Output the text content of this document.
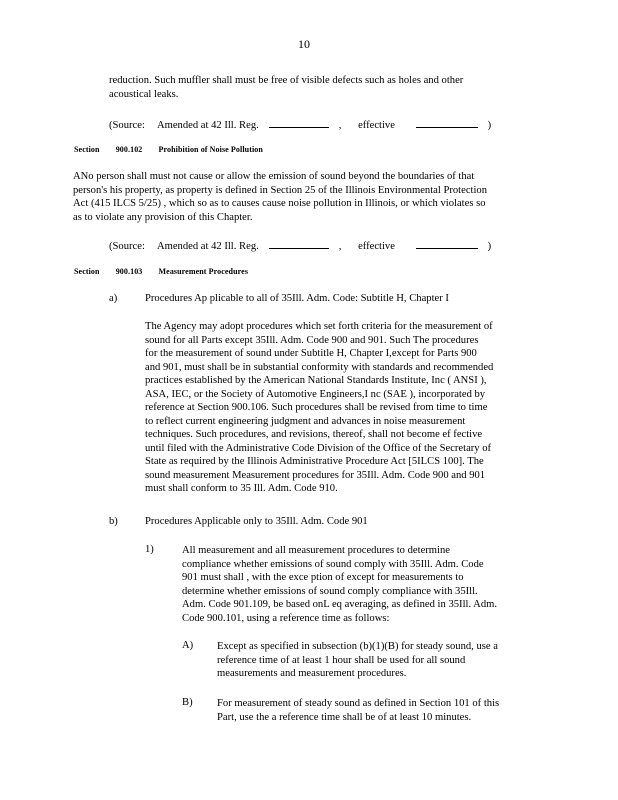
10
reduction. Such muffler shall must be free of visible defects such as holes and other
acoustical leaks.
(Source: Amended at 42 Ill. Reg.	, effective	)
Section 900.102 Prohibition of Noise Pollution
ANo person shall must not cause or allow the emission of sound beyond the boundaries of that
person's his property, as property is defined in Section 25 of the Illinois Environmental Protection
Act (415 ILCS 5/25) , which so as to causes cause noise pollution in Illinois, or which violates so
as to violate any provision of this Chapter.
(Source: Amended at 42 Ill. Reg.	, effective	)
Section 900.103 Measurement Procedures
a)	Procedures Ap plicable to all of 35Ill. Adm. Code: Subtitle H, Chapter I
The Agency may adopt procedures which set forth criteria for the measurement of
sound for all Parts except 35Ill. Adm. Code 900 and 901. Such The procedures
for the measurement of sound under Subtitle H, Chapter I,except for Parts 900
and 901, must shall be in substantial conformity with standards and recommended
practices established by the American National Standards Institute, Inc ( ANSI ),
ASA, IEC, or the Society of Automotive Engineers,I nc (SAE ), incorporated by
reference at Section 900.106. Such procedures shall be revised from time to time
to reflect current engineering judgment and advances in noise measurement
techniques. Such procedures, and revisions, thereof, shall not become ef fective
until filed with the Administrative Code Division of the Office of the Secretary of
State as required by the Illinois Administrative Procedure Act [5ILCS 100]. The
sound measurement Measurement procedures for 35Ill. Adm. Code 900 and 901
must shall conform to 35 Ill. Adm. Code 910.
b)	Procedures Applicable only to 35Ill. Adm. Code 901
1)	All measurement and all measurement procedures to determine
compliance whether emissions of sound comply with 35Ill. Adm. Code
901 must shall , with the exce ption of except for measurements to
determine whether emissions of sound comply compliance with 35Ill.
Adm. Code 901.109, be based onL eq averaging, as defined in 35Ill. Adm.
Code 900.101, using a reference time as follows:
A) Except as specified in subsection (b)(1)(B) for steady sound, use a
reference time of at least 1 hour shall be used for all sound
measurements and measurement procedures.
B) For measurement of steady sound as defined in Section 101 of this
Part, use the a reference time shall be of at least 10 minutes.
